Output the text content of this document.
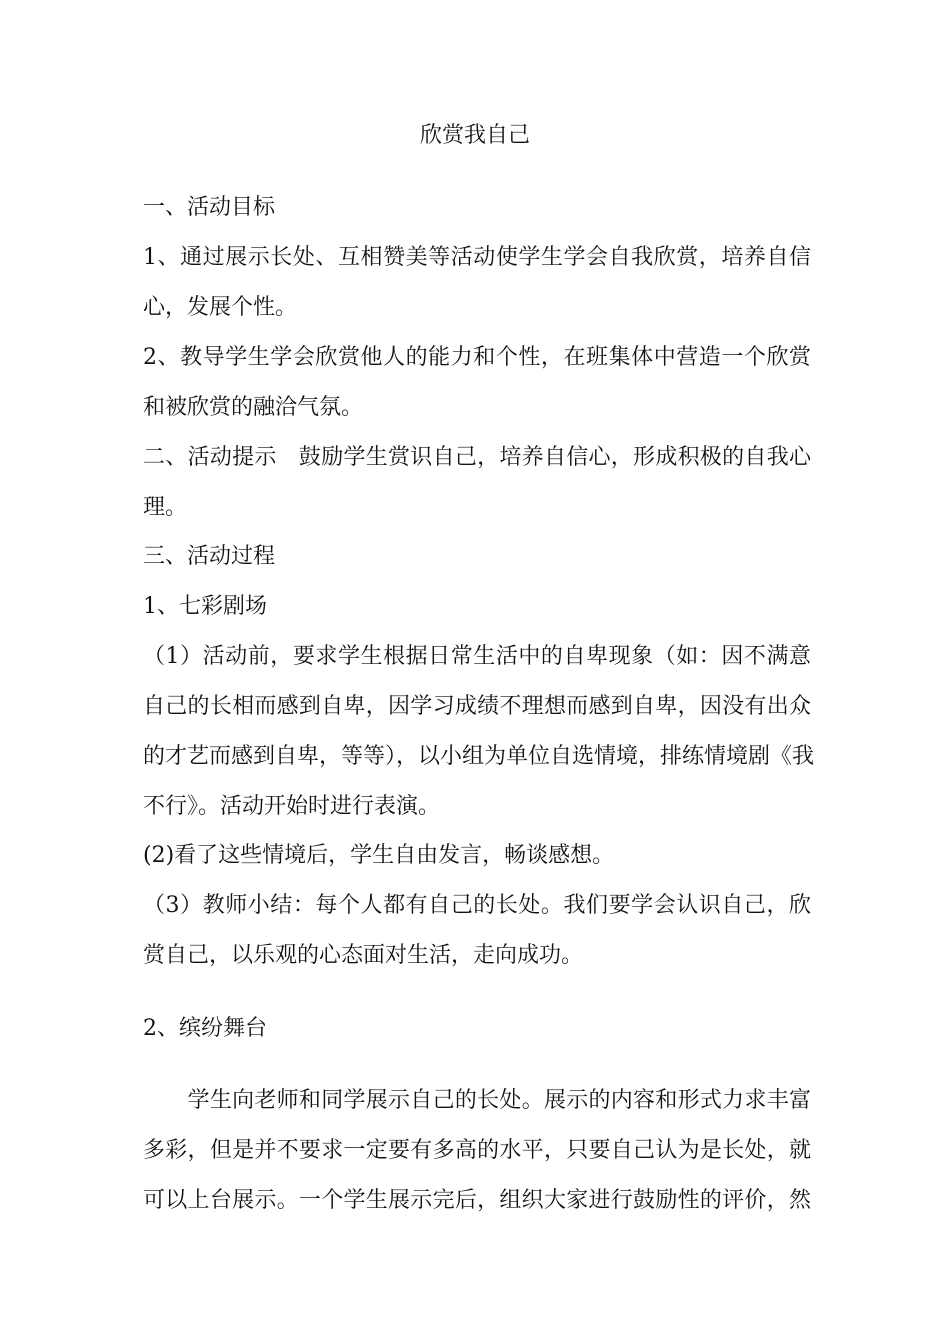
欣赏我自己
一、活动目标
1、通过展示长处、互相赞美等活动使学生学会自我欣赏，培养自信
心，发展个性。
2、教导学生学会欣赏他人的能力和个性，在班集体中营造一个欣赏
和被欣赏的融洽气氛。
二、活动提示　鼓励学生赏识自己，培养自信心，形成积极的自我心
理。
三、活动过程
1、七彩剧场
（1）活动前，要求学生根据日常生活中的自卑现象（如：因不满意
自己的长相而感到自卑，因学习成绩不理想而感到自卑，因没有出众
的才艺而感到自卑，等等），以小组为单位自选情境，排练情境剧《我
不行》。活动开始时进行表演。
(2)看了这些情境后，学生自由发言，畅谈感想。
（3）教师小结：每个人都有自己的长处。我们要学会认识自己，欣
赏自己，以乐观的心态面对生活，走向成功。
2、缤纷舞台
　　学生向老师和同学展示自己的长处。展示的内容和形式力求丰富
多彩，但是并不要求一定要有多高的水平，只要自己认为是长处，就
可以上台展示。一个学生展示完后，组织大家进行鼓励性的评价，然
